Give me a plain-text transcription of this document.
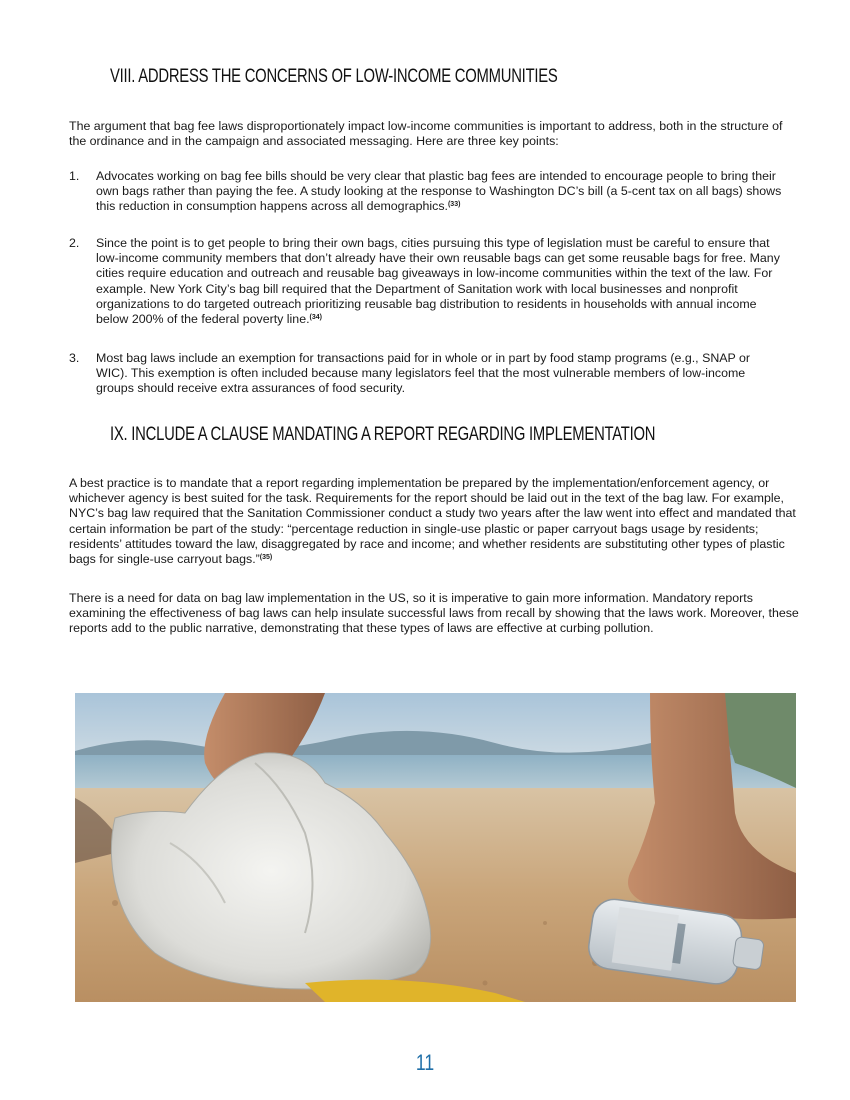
VIII. ADDRESS THE CONCERNS OF LOW-INCOME COMMUNITIES

The argument that bag fee laws disproportionately impact low-income communities is important to address, both in the structure of the ordinance and in the campaign and associated messaging. Here are three key points:

1. Advocates working on bag fee bills should be very clear that plastic bag fees are intended to encourage people to bring their own bags rather than paying the fee. A study looking at the response to Washington DC’s bill (a 5-cent tax on all bags) shows this reduction in consumption happens across all demographics.$^{(33)}$
2. Since the point is to get people to bring their own bags, cities pursuing this type of legislation must be careful to ensure that low-income community members that don’t already have their own reusable bags can get some reusable bags for free. Many cities require education and outreach and reusable bag giveaways in low-income communities within the text of the law. For example. New York City’s bag bill required that the Department of Sanitation work with local businesses and nonprofit organizations to do targeted outreach prioritizing reusable bag distribution to residents in households with annual income below 200% of the federal poverty line.$^{(34)}$
3. Most bag laws include an exemption for transactions paid for in whole or in part by food stamp programs (e.g., SNAP or WIC). This exemption is often included because many legislators feel that the most vulnerable members of low-income groups should receive extra assurances of food security.
IX. INCLUDE A CLAUSE MANDATING A REPORT REGARDING IMPLEMENTATION

A best practice is to mandate that a report regarding implementation be prepared by the implementation/enforcement agency, or whichever agency is best suited for the task. Requirements for the report should be laid out in the text of the bag law. For example, NYC’s bag law required that the Sanitation Commissioner conduct a study two years after the law went into effect and mandated that certain information be part of the study: “percentage reduction in single-use plastic or paper carryout bags usage by residents; residents’ attitudes toward the law, disaggregated by race and income; and whether residents are substituting other types of plastic bags for single-use carryout bags.”$^{(35)}$

There is a need for data on bag law implementation in the US, so it is imperative to gain more information. Mandatory reports examining the effectiveness of bag laws can help insulate successful laws from recall by showing that the laws work. Moreover, these reports add to the public narrative, demonstrating that these types of laws are effective at curbing pollution.

11
